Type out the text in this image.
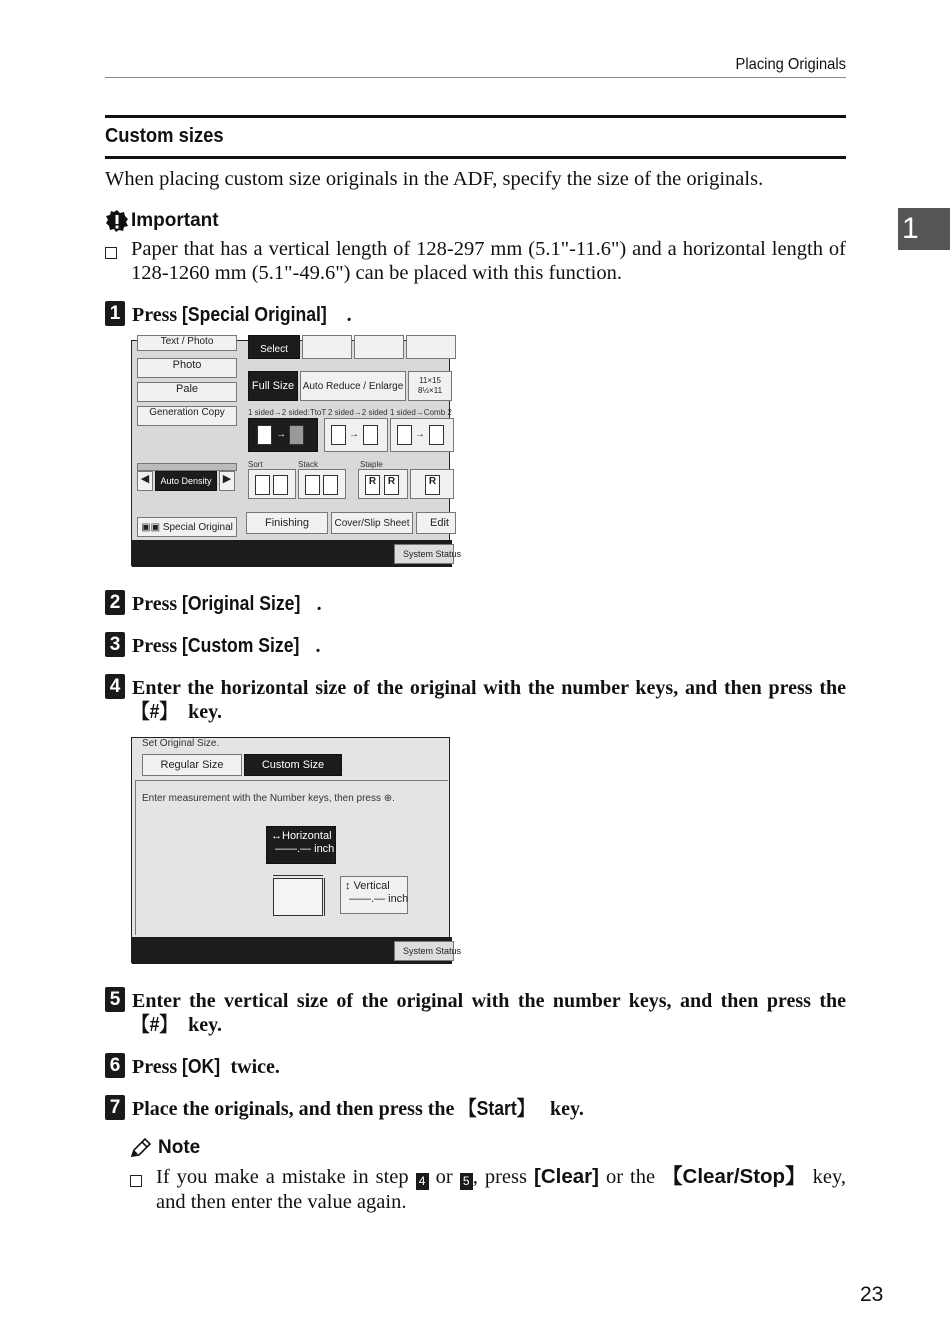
Placing Originals
1
Custom sizes
When placing custom size originals in the ADF, specify the size of the originals.
Important
Paper that has a vertical length of 128-297 mm (5.1"-11.6") and a horizontal length of 128-1260 mm (5.1"-49.6") can be placed with this function.
1 Press [Special Original] .
Text / Photo
Photo
Pale
Generation Copy
◀	Auto Density	▶
▣▣ Special Original
Select
Full Size Auto Reduce / Enlarge
11×15 8½×11
1 sided→2 sided:TtoT 2 sided→2 sided 1 sided→Comb 2
→	→	→
Sort	Stack	Staple
R	R	R
Finishing	Cover/Slip Sheet	Edit
System Status
2 Press [Original Size] .
3 Press [Custom Size] .
4 Enter the horizontal size of the original with the number keys, and then press the 【#】 key.
Set Original Size.
Regular Size	Custom Size
Enter measurement with the Number keys, then press ⊕.
↔Horizontal
——.— inch
↕ Vertical
——.— inch
System Status
5 Enter the vertical size of the original with the number keys, and then press the 【#】 key.
6 Press [OK] twice.
7 Place the originals, and then press the 【Start】 key.
Note
If you make a mistake in step 4 or 5 , press [Clear] or the 【Clear/Stop】 key, and then enter the value again.
23
